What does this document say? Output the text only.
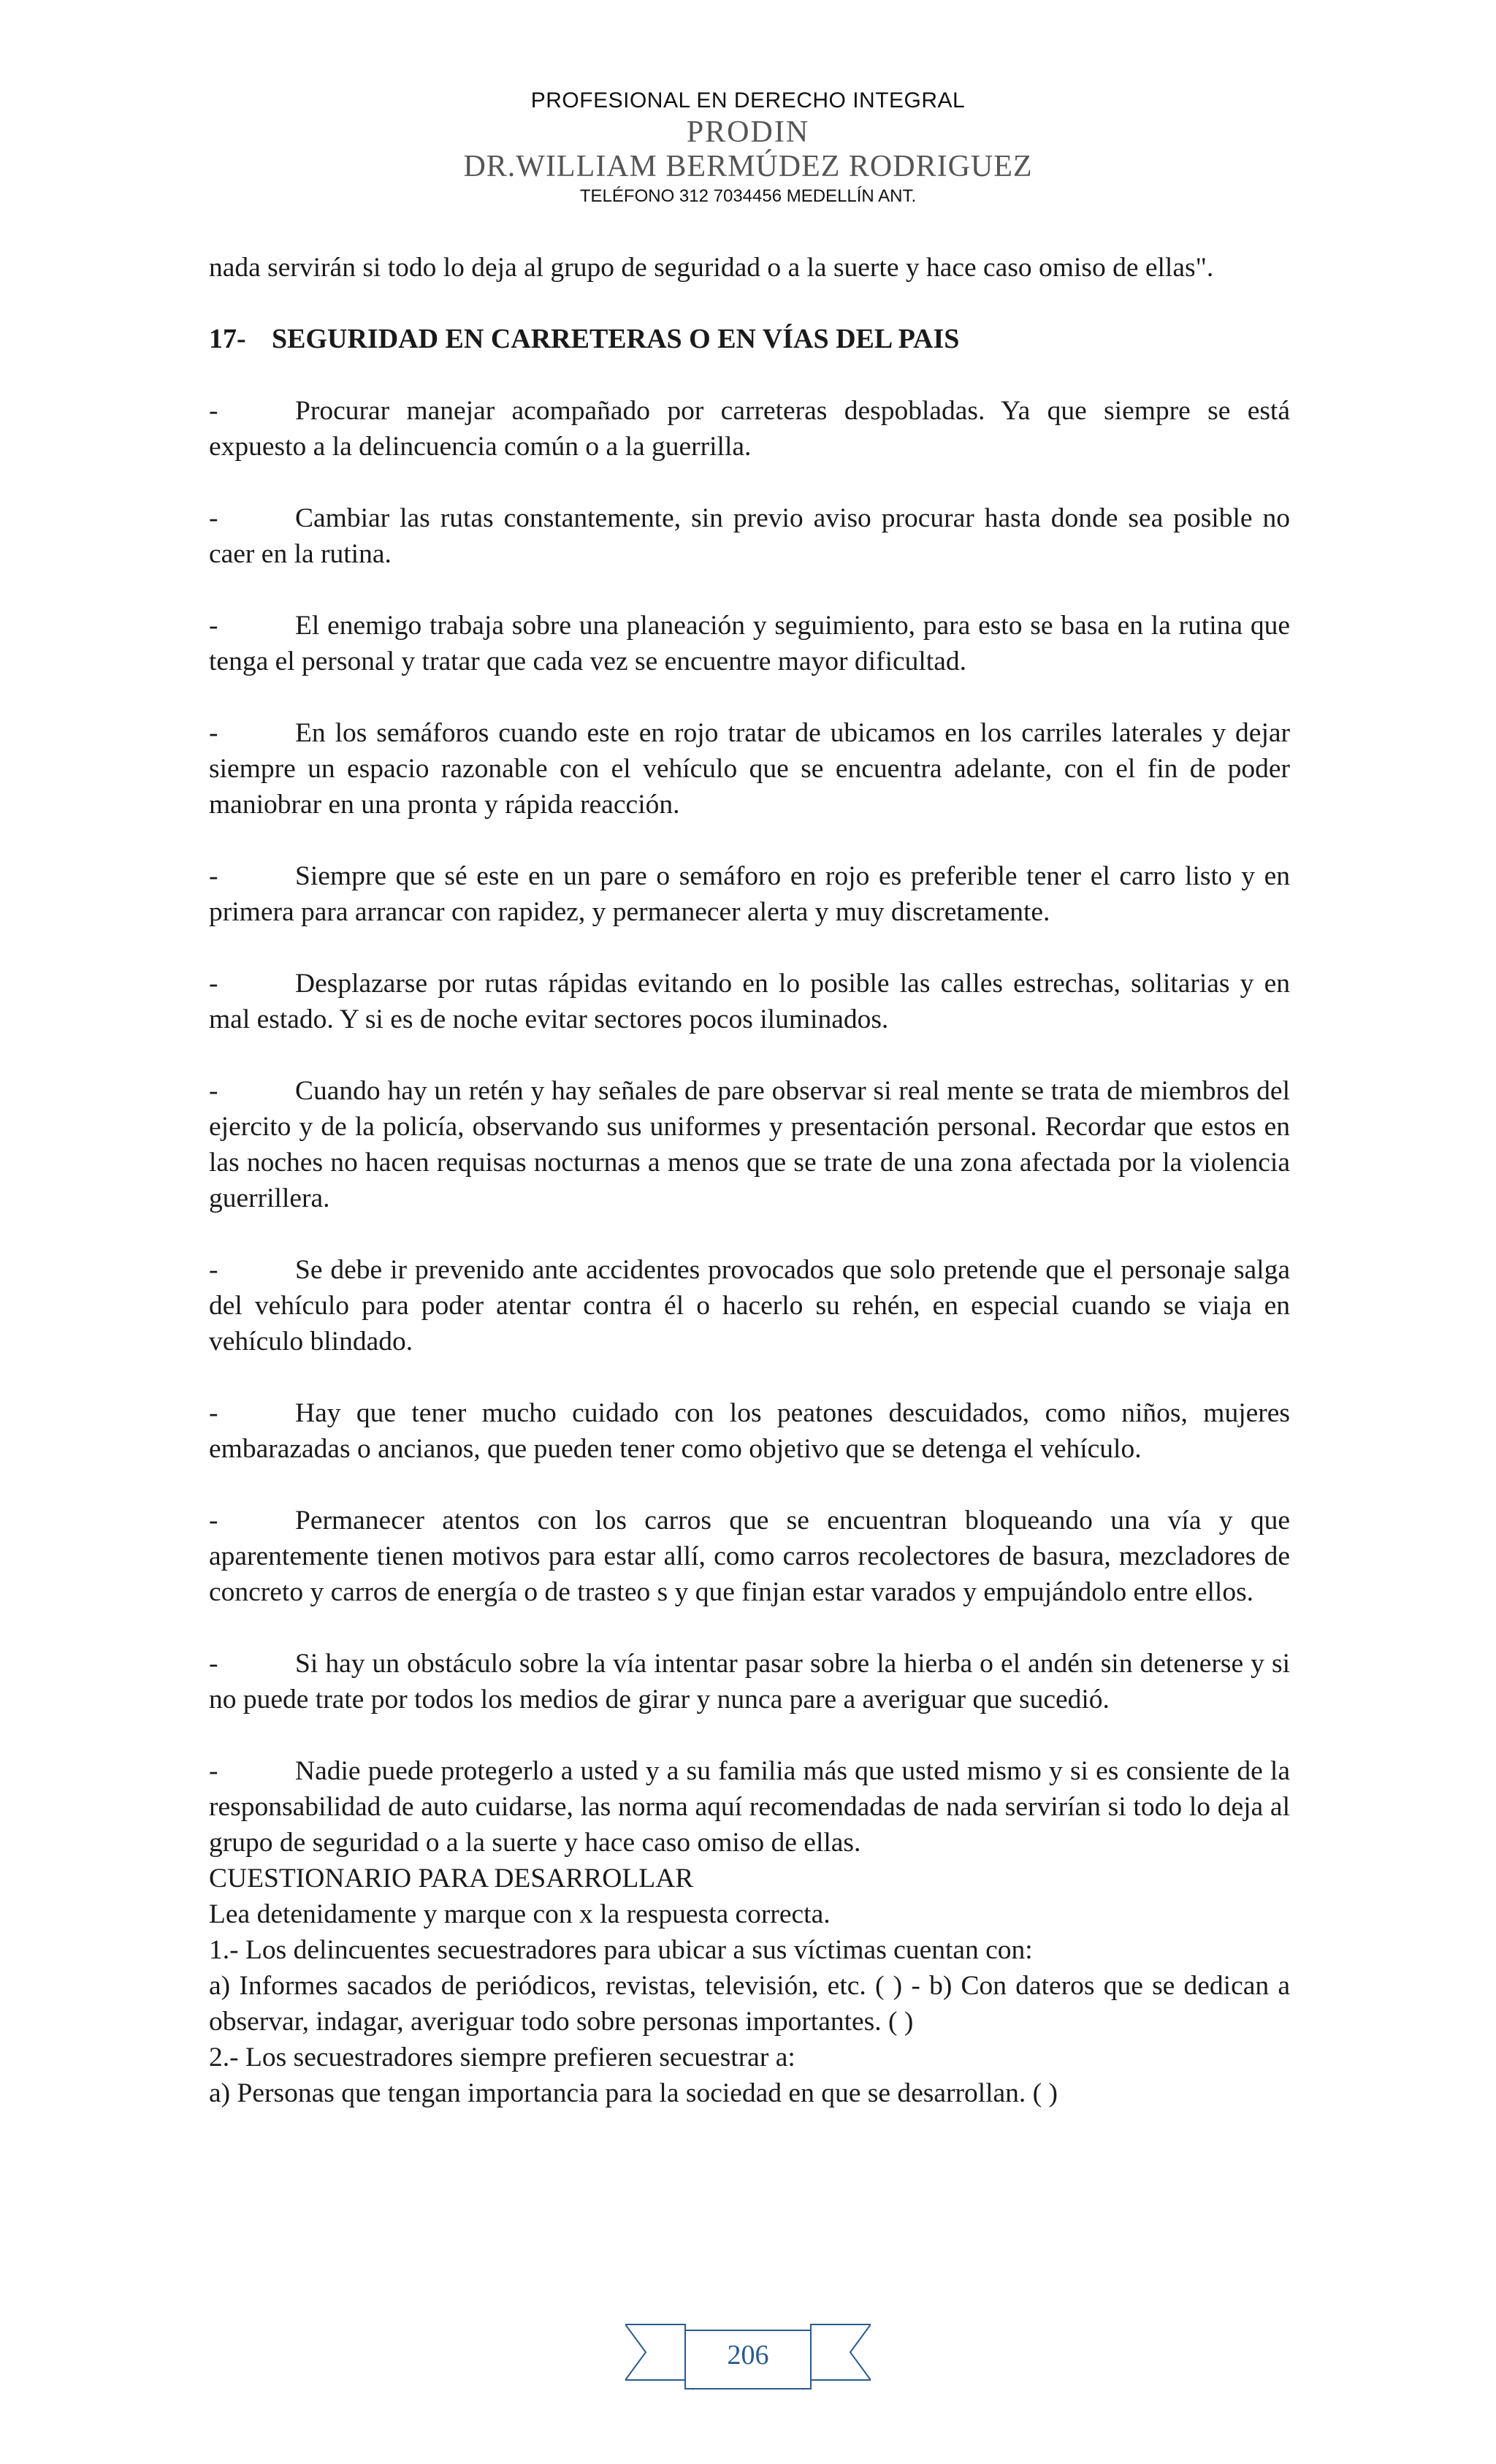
PROFESIONAL EN DERECHO INTEGRAL
PRODIN
DR.WILLIAM BERMÚDEZ RODRIGUEZ
TELÉFONO 312 7034456 MEDELLÍN ANT.

nada servirán si todo lo deja al grupo de seguridad o a la suerte y hace caso omiso de ellas".

17- SEGURIDAD EN CARRETERAS O EN VÍAS DEL PAIS

-	Procurar manejar acompañado por carreteras despobladas. Ya que siempre se está expuesto a la delincuencia común o a la guerrilla.

-	Cambiar las rutas constantemente, sin previo aviso procurar hasta donde sea posible no caer en la rutina.

-	El enemigo trabaja sobre una planeación y seguimiento, para esto se basa en la rutina que tenga el personal y tratar que cada vez se encuentre mayor dificultad.

-	En los semáforos cuando este en rojo tratar de ubicamos en los carriles laterales y dejar siempre un espacio razonable con el vehículo que se encuentra adelante, con el fin de poder maniobrar en una pronta y rápida reacción.

-	Siempre que sé este en un pare o semáforo en rojo es preferible tener el carro listo y en primera para arrancar con rapidez, y permanecer alerta y muy discretamente.

-	Desplazarse por rutas rápidas evitando en lo posible las calles estrechas, solitarias y en mal estado. Y si es de noche evitar sectores pocos iluminados.

-	Cuando hay un retén y hay señales de pare observar si real mente se trata de miembros del ejercito y de la policía, observando sus uniformes y presentación personal. Recordar que estos en las noches no hacen requisas nocturnas a menos que se trate de una zona afectada por la violencia guerrillera.

-	Se debe ir prevenido ante accidentes provocados que solo pretende que el personaje salga del vehículo para poder atentar contra él o hacerlo su rehén, en especial cuando se viaja en vehículo blindado.

-	Hay que tener mucho cuidado con los peatones descuidados, como niños, mujeres embarazadas o ancianos, que pueden tener como objetivo que se detenga el vehículo.

-	Permanecer atentos con los carros que se encuentran bloqueando una vía y que aparentemente tienen motivos para estar allí, como carros recolectores de basura, mezcladores de concreto y carros de energía o de trasteo s y que finjan estar varados y empujándolo entre ellos.

-	Si hay un obstáculo sobre la vía intentar pasar sobre la hierba o el andén sin detenerse y si no puede trate por todos los medios de girar y nunca pare a averiguar que sucedió.

-	Nadie puede protegerlo a usted y a su familia más que usted mismo y si es consiente de la responsabilidad de auto cuidarse, las norma aquí recomendadas de nada servirían si todo lo deja al grupo de seguridad o a la suerte y hace caso omiso de ellas.

CUESTIONARIO PARA DESARROLLAR

Lea detenidamente y marque con x la respuesta correcta.

1.- Los delincuentes secuestradores para ubicar a sus víctimas cuentan con:

a) Informes sacados de periódicos, revistas, televisión, etc. ( ) - b) Con dateros que se dedican a observar, indagar, averiguar todo sobre personas importantes. ( )

2.- Los secuestradores siempre prefieren secuestrar a:

a) Personas que tengan importancia para la sociedad en que se desarrollan. ( )

206
